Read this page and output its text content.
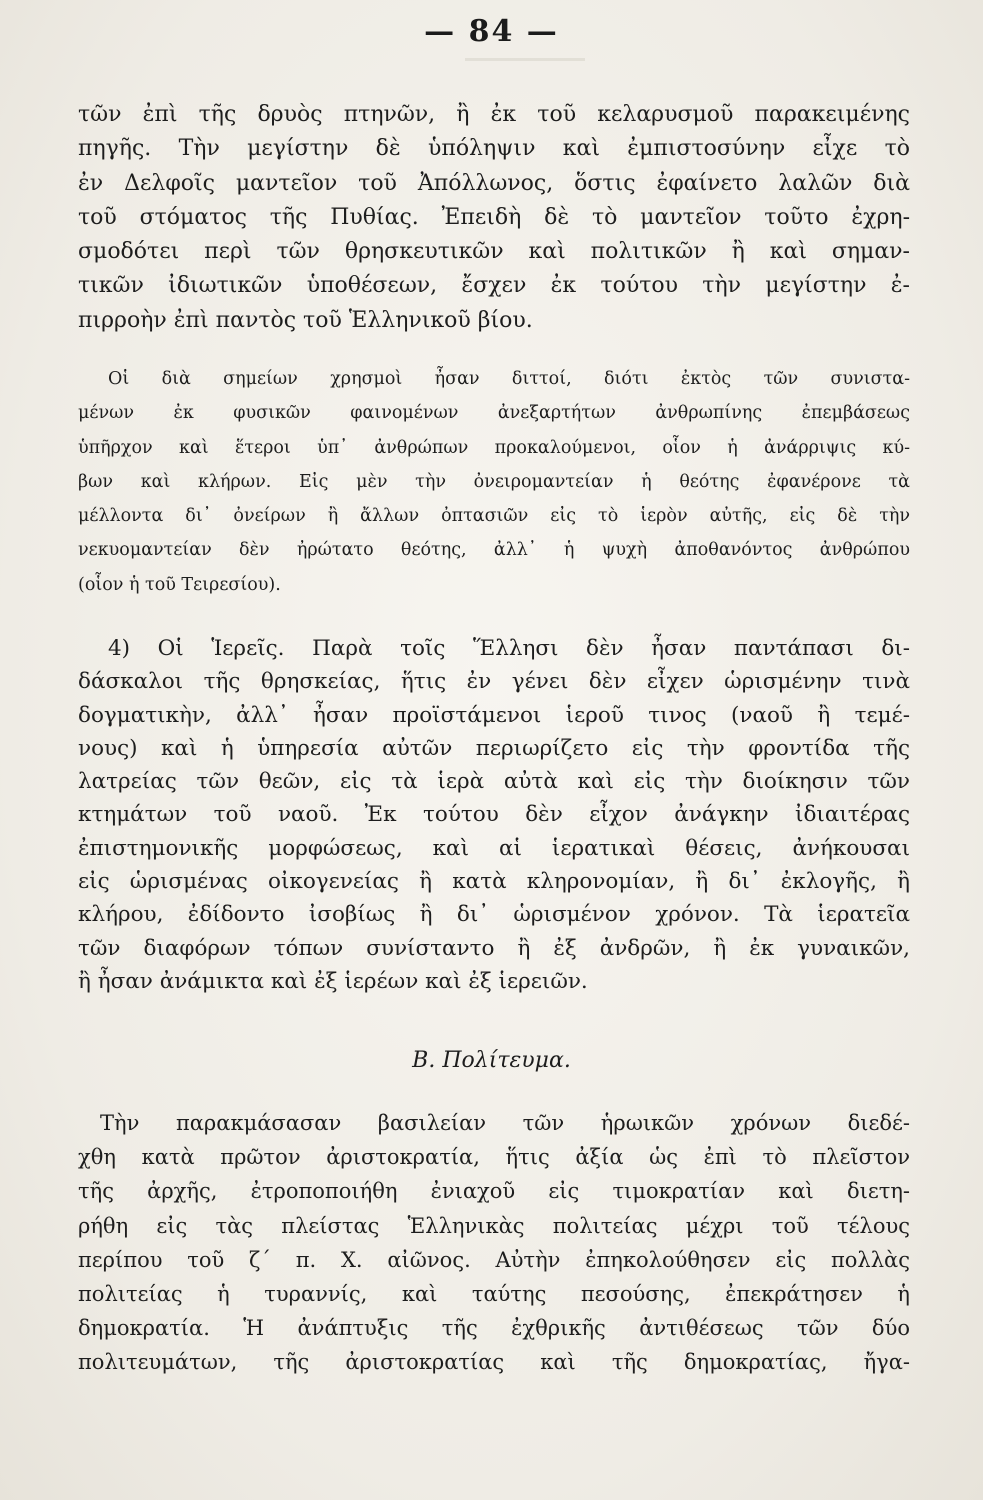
— 84 —
τῶν ἐπὶ τῆς δρυὸς πτηνῶν, ἢ ἐκ τοῦ κελαρυσμοῦ παρακειμένης
πηγῆς. Τὴν μεγίστην δὲ ὑπόληψιν καὶ ἐμπιστοσύνην εἶχε τὸ
ἐν Δελφοῖς μαντεῖον τοῦ Ἀπόλλωνος, ὅστις ἐφαίνετο λαλῶν διὰ
τοῦ στόματος τῆς Πυθίας. Ἐπειδὴ δὲ τὸ μαντεῖον τοῦτο ἐχρη-
σμοδότει περὶ τῶν θρησκευτικῶν καὶ πολιτικῶν ἢ καὶ σημαν-
τικῶν ἰδιωτικῶν ὑποθέσεων, ἔσχεν ἐκ τούτου τὴν μεγίστην ἐ-
πιρροὴν ἐπὶ παντὸς τοῦ Ἑλληνικοῦ βίου.
Οἱ διὰ σημείων χρησμοὶ ἦσαν διττοί, διότι ἐκτὸς τῶν συνιστα-
μένων ἐκ φυσικῶν φαινομένων ἀνεξαρτήτων ἀνθρωπίνης ἐπεμβάσεως
ὑπῆρχον καὶ ἕτεροι ὑπ᾽ ἀνθρώπων προκαλούμενοι, οἷον ἡ ἀνάρριψις κύ-
βων καὶ κλήρων. Εἰς μὲν τὴν ὀνειρομαντείαν ἡ θεότης ἐφανέρονε τὰ
μέλλοντα δι᾽ ὀνείρων ἢ ἄλλων ὀπτασιῶν εἰς τὸ ἱερὸν αὐτῆς, εἰς δὲ τὴν
νεκυομαντείαν δὲν ἠρώτατο θεότης, ἀλλ᾽ ἡ ψυχὴ ἀποθανόντος ἀνθρώπου
(οἷον ἡ τοῦ Τειρεσίου).
4) Οἱ Ἱερεῖς. Παρὰ τοῖς Ἕλλησι δὲν ἦσαν παντάπασι δι-
δάσκαλοι τῆς θρησκείας, ἥτις ἐν γένει δὲν εἶχεν ὡρισμένην τινὰ
δογματικὴν, ἀλλ᾽ ἦσαν προϊστάμενοι ἱεροῦ τινος (ναοῦ ἢ τεμέ-
νους) καὶ ἡ ὑπηρεσία αὐτῶν περιωρίζετο εἰς τὴν φροντίδα τῆς
λατρείας τῶν θεῶν, εἰς τὰ ἱερὰ αὐτὰ καὶ εἰς τὴν διοίκησιν τῶν
κτημάτων τοῦ ναοῦ. Ἐκ τούτου δὲν εἶχον ἀνάγκην ἰδιαιτέρας
ἐπιστημονικῆς μορφώσεως, καὶ αἱ ἱερατικαὶ θέσεις, ἀνήκουσαι
εἰς ὡρισμένας οἰκογενείας ἢ κατὰ κληρονομίαν, ἢ δι᾽ ἐκλογῆς, ἢ
κλήρου, ἐδίδοντο ἰσοβίως ἢ δι᾽ ὡρισμένον χρόνον. Τὰ ἱερατεῖα
τῶν διαφόρων τόπων συνίσταντο ἢ ἐξ ἀνδρῶν, ἢ ἐκ γυναικῶν,
ἢ ἦσαν ἀνάμικτα καὶ ἐξ ἱερέων καὶ ἐξ ἱερειῶν.
Β. Πολίτευμα.
Τὴν παρακμάσασαν βασιλείαν τῶν ἡρωικῶν χρόνων διεδέ-
χθη κατὰ πρῶτον ἀριστοκρατία, ἥτις ἀξία ὡς ἐπὶ τὸ πλεῖστον
τῆς ἀρχῆς, ἐτροποποιήθη ἐνιαχοῦ εἰς τιμοκρατίαν καὶ διετη-
ρήθη εἰς τὰς πλείστας Ἑλληνικὰς πολιτείας μέχρι τοῦ τέλους
περίπου τοῦ ζ΄ π. Χ. αἰῶνος. Αὐτὴν ἐπηκολούθησεν εἰς πολλὰς
πολιτείας ἡ τυραννίς, καὶ ταύτης πεσούσης, ἐπεκράτησεν ἡ
δημοκρατία. Ἡ ἀνάπτυξις τῆς ἐχθρικῆς ἀντιθέσεως τῶν δύο
πολιτευμάτων, τῆς ἀριστοκρατίας καὶ τῆς δημοκρατίας, ἤγα-
